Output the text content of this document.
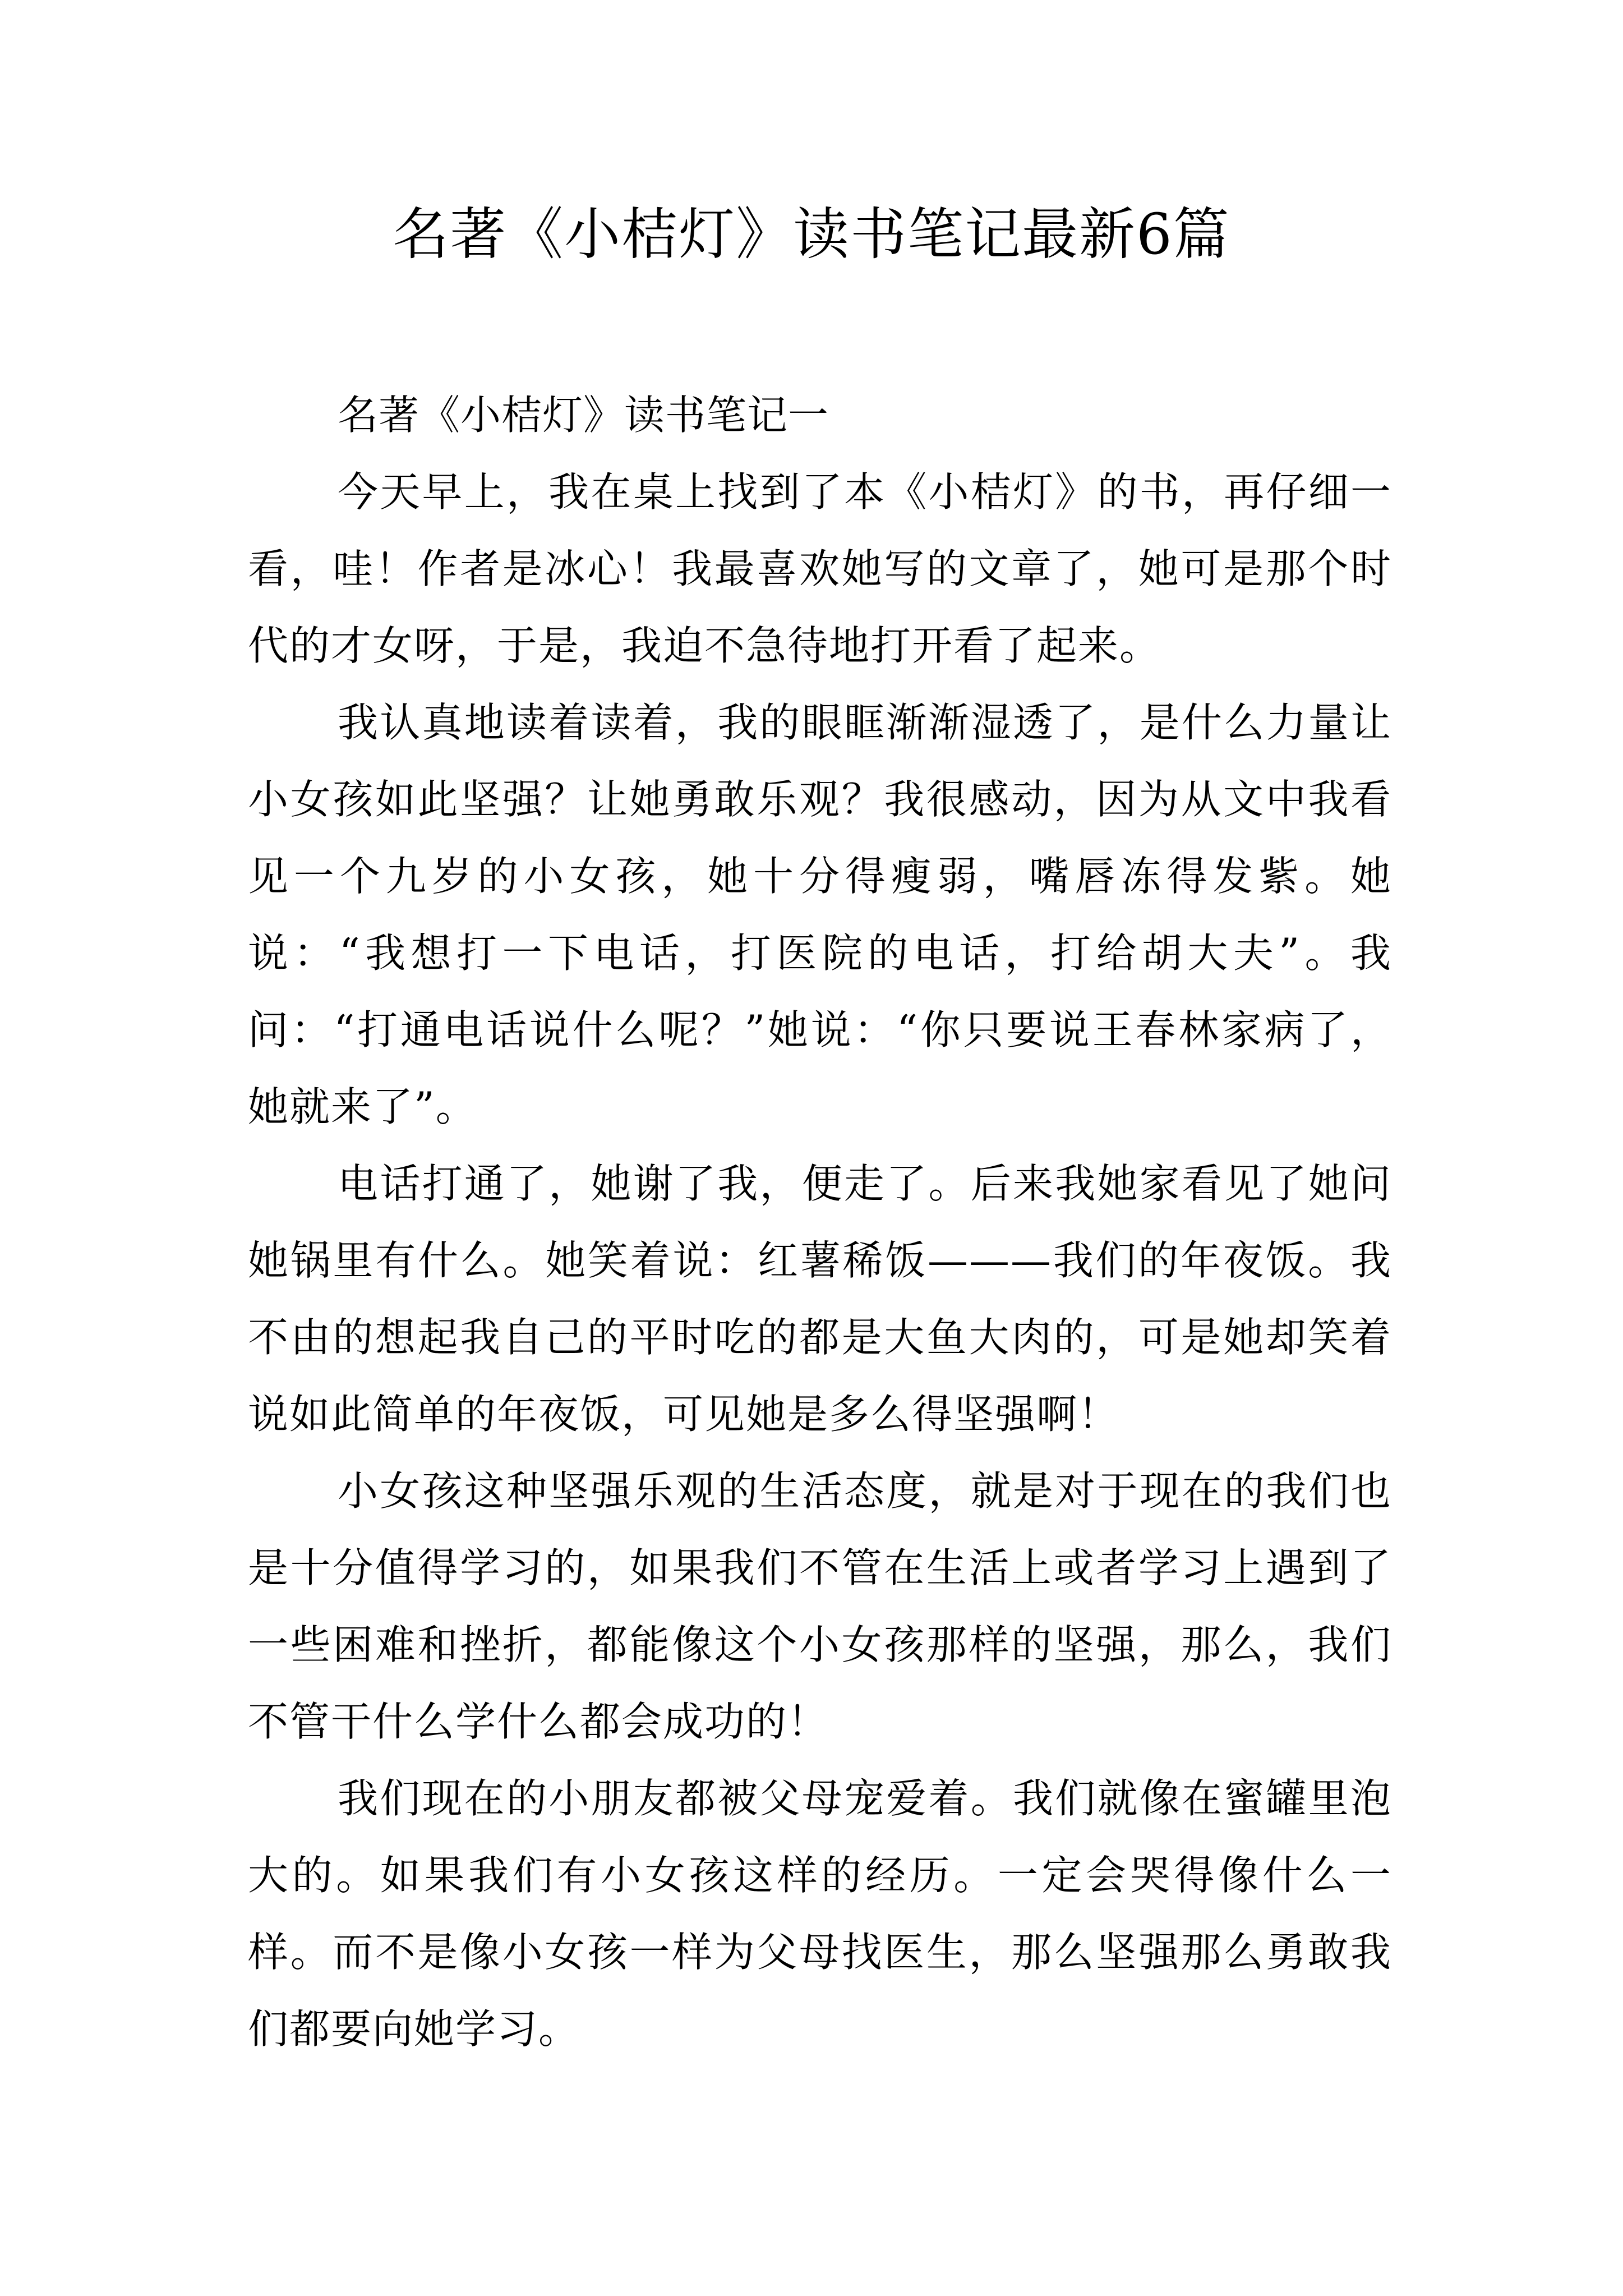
名著《小桔灯》读书笔记最新6篇

名著《小桔灯》读书笔记一

今天早上，我在桌上找到了本《小桔灯》的书，再仔细一看，哇！作者是冰心！我最喜欢她写的文章了，她可是那个时代的才女呀，于是，我迫不急待地打开看了起来。

我认真地读着读着，我的眼眶渐渐湿透了，是什么力量让小女孩如此坚强？让她勇敢乐观？我很感动，因为从文中我看见一个九岁的小女孩，她十分得瘦弱，嘴唇冻得发紫。她说：“我想打一下电话，打医院的电话，打给胡大夫”。我问：“打通电话说什么呢？”她说：“你只要说王春林家病了，她就来了”。

电话打通了，她谢了我，便走了。后来我她家看见了她问她锅里有什么。她笑着说：红薯稀饭———我们的年夜饭。我不由的想起我自己的平时吃的都是大鱼大肉的，可是她却笑着说如此简单的年夜饭，可见她是多么得坚强啊！

小女孩这种坚强乐观的生活态度，就是对于现在的我们也是十分值得学习的，如果我们不管在生活上或者学习上遇到了一些困难和挫折，都能像这个小女孩那样的坚强，那么，我们不管干什么学什么都会成功的！

我们现在的小朋友都被父母宠爱着。我们就像在蜜罐里泡大的。如果我们有小女孩这样的经历。一定会哭得像什么一样。而不是像小女孩一样为父母找医生，那么坚强那么勇敢我们都要向她学习。
